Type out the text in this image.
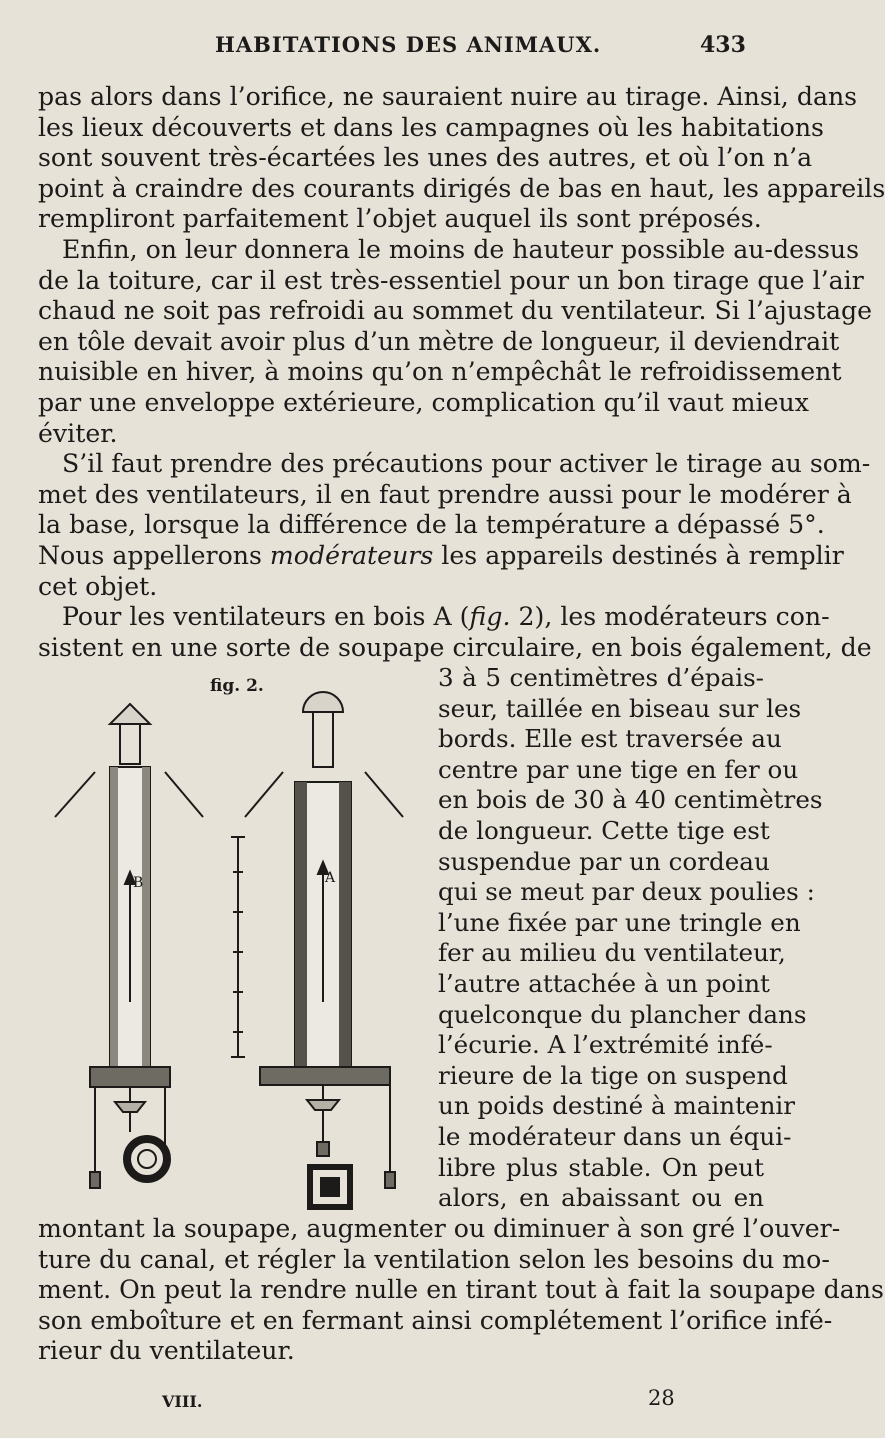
HABITATIONS DES ANIMAUX.	433
pas alors dans l’orifice, ne sauraient nuire au tirage. Ainsi, dans
les lieux découverts et dans les campagnes où les habitations
sont souvent très-écartées les unes des autres, et où l’on n’a
point à craindre des courants dirigés de bas en haut, les appareils
rempliront parfaitement l’objet auquel ils sont préposés.
Enfin, on leur donnera le moins de hauteur possible au-dessus
de la toiture, car il est très-essentiel pour un bon tirage que l’air
chaud ne soit pas refroidi au sommet du ventilateur. Si l’ajustage
en tôle devait avoir plus d’un mètre de longueur, il deviendrait
nuisible en hiver, à moins qu’on n’empêchât le refroidissement
par une enveloppe extérieure, complication qu’il vaut mieux
éviter.
S’il faut prendre des précautions pour activer le tirage au som-
met des ventilateurs, il en faut prendre aussi pour le modérer à
la base, lorsque la différence de la température a dépassé 5°.
Nous appellerons modérateurs les appareils destinés à remplir
cet objet.
Pour les ventilateurs en bois A (fig. 2), les modérateurs con-
sistent en une sorte de soupape circulaire, en bois également, de
fig. 2.
B	A
3 à 5 centimètres d’épais-
seur, taillée en biseau sur les
bords. Elle est traversée au
centre par une tige en fer ou
en bois de 30 à 40 centimètres
de longueur. Cette tige est
suspendue par un cordeau
qui se meut par deux poulies :
l’une fixée par une tringle en
fer au milieu du ventilateur,
l’autre attachée à un point
quelconque du plancher dans
l’écurie. A l’extrémité infé-
rieure de la tige on suspend
un poids destiné à maintenir
le modérateur dans un équi-
libre plus stable. On peut
alors, en abaissant ou en
montant la soupape, augmenter ou diminuer à son gré l’ouver-
ture du canal, et régler la ventilation selon les besoins du mo-
ment. On peut la rendre nulle en tirant tout à fait la soupape dans
son emboîture et en fermant ainsi complétement l’orifice infé-
rieur du ventilateur.
VIII.	28
